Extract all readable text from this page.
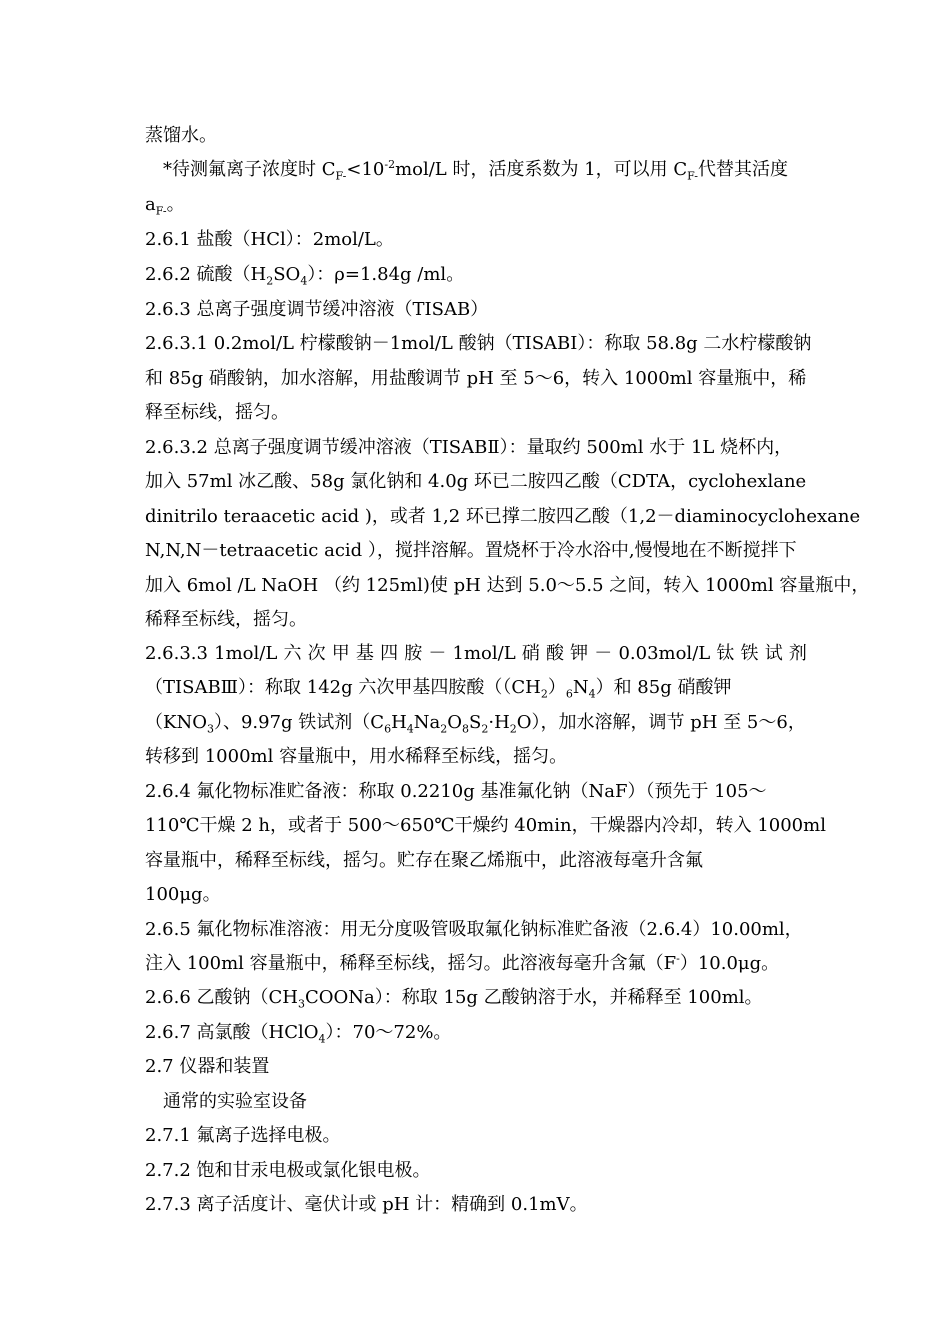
蒸馏水。
*待测氟离子浓度时 $C_{F-}<10^{-2}mol/L$ 时，活度系数为 1，可以用 $C_{F-}$代替其活度
$a_{F-}$。
2.6.1 盐酸（HCl）：2mol/L。
2.6.2 硫酸$(H_2SO_4)$：ρ=1.84g /ml。
2.6.3 总离子强度调节缓冲溶液（TISAB）
2.6.3.1 0.2mol/L 柠檬酸钠－1mol/L 酸钠（TISABⅠ）：称取 58.8g 二水柠檬酸钠
和 85g 硝酸钠，加水溶解，用盐酸调节 pH 至 5～6，转入 1000ml 容量瓶中，稀
释至标线，摇匀。
2.6.3.2 总离子强度调节缓冲溶液（TISABⅡ）：量取约 500ml 水于 1L 烧杯内，
加入 57ml 冰乙酸、58g 氯化钠和 4.0g 环已二胺四乙酸（CDTA，cyclohexlane
dinitrilo teraacetic acid )，或者 1,2 环已撑二胺四乙酸（1,2－diaminocyclohexane
N,N,N－tetraacetic acid ），搅拌溶解。置烧杯于冷水浴中,慢慢地在不断搅拌下
加入 6mol /L NaOH （约 125ml)使 pH 达到 5.0～5.5 之间，转入 1000ml 容量瓶中，
稀释至标线，摇匀。
2.6.3.3 1mol/L 六 次 甲 基 四 胺 － 1mol/L 硝 酸 钾 － 0.03mol/L 钛 铁 试 剂
（TISABⅢ）：称取 142g 六次甲基四胺酸$((CH_2)_6N_4)$和 85g 硝酸钾
$(KNO_3)$、9.97g 铁试剂$(C_6H_4Na_2O_8S_2\cdot H_2O)$，加水溶解，调节 pH 至 5～6，
转移到 1000ml 容量瓶中，用水稀释至标线，摇匀。
2.6.4 氟化物标准贮备液：称取 0.2210g 基准氟化钠（NaF）（预先于 105～
110℃干燥 2 h，或者于 500～650℃干燥约 40min，干燥器内冷却，转入 1000ml
容量瓶中，稀释至标线，摇匀。贮存在聚乙烯瓶中，此溶液每毫升含氟
100μg。
2.6.5 氟化物标准溶液：用无分度吸管吸取氟化钠标准贮备液（2.6.4）10.00ml，
注入 100ml 容量瓶中，稀释至标线，摇匀。此溶液每毫升含氟（F-）10.0μg。
2.6.6 乙酸钠$(CH_3COONa)$：称取 15g 乙酸钠溶于水，并稀释至 100ml。
2.6.7 高氯酸（HClO$_4$）：70～72%。
2.7 仪器和装置
通常的实验室设备
2.7.1 氟离子选择电极。
2.7.2 饱和甘汞电极或氯化银电极。
2.7.3 离子活度计、毫伏计或 pH 计：精确到 0.1mV。
